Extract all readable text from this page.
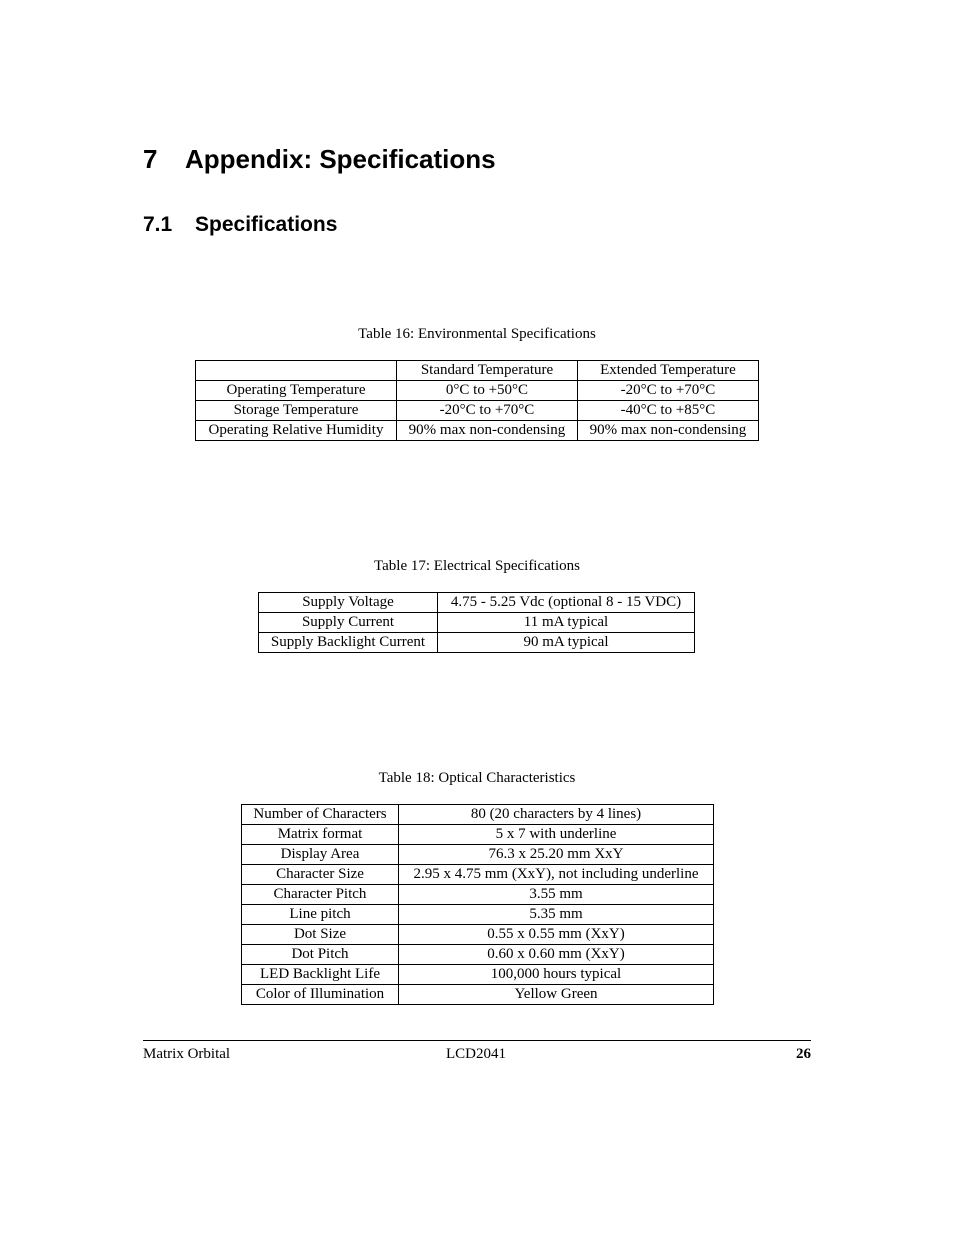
7 Appendix: Specifications
7.1 Specifications
Table 16: Environmental Specifications
	Standard Temperature	Extended Temperature
Operating Temperature	0°C to +50°C	-20°C to +70°C
Storage Temperature	-20°C to +70°C	-40°C to +85°C
Operating Relative Humidity	90% max non-condensing	90% max non-condensing
Table 17: Electrical Specifications
Supply Voltage	4.75 - 5.25 Vdc (optional 8 - 15 VDC)
Supply Current	11 mA typical
Supply Backlight Current	90 mA typical
Table 18: Optical Characteristics
Number of Characters	80 (20 characters by 4 lines)
Matrix format	5 x 7 with underline
Display Area	76.3 x 25.20 mm XxY
Character Size	2.95 x 4.75 mm (XxY), not including underline
Character Pitch	3.55 mm
Line pitch	5.35 mm
Dot Size	0.55 x 0.55 mm (XxY)
Dot Pitch	0.60 x 0.60 mm (XxY)
LED Backlight Life	100,000 hours typical
Color of Illumination	Yellow Green
Matrix Orbital	LCD2041	26
